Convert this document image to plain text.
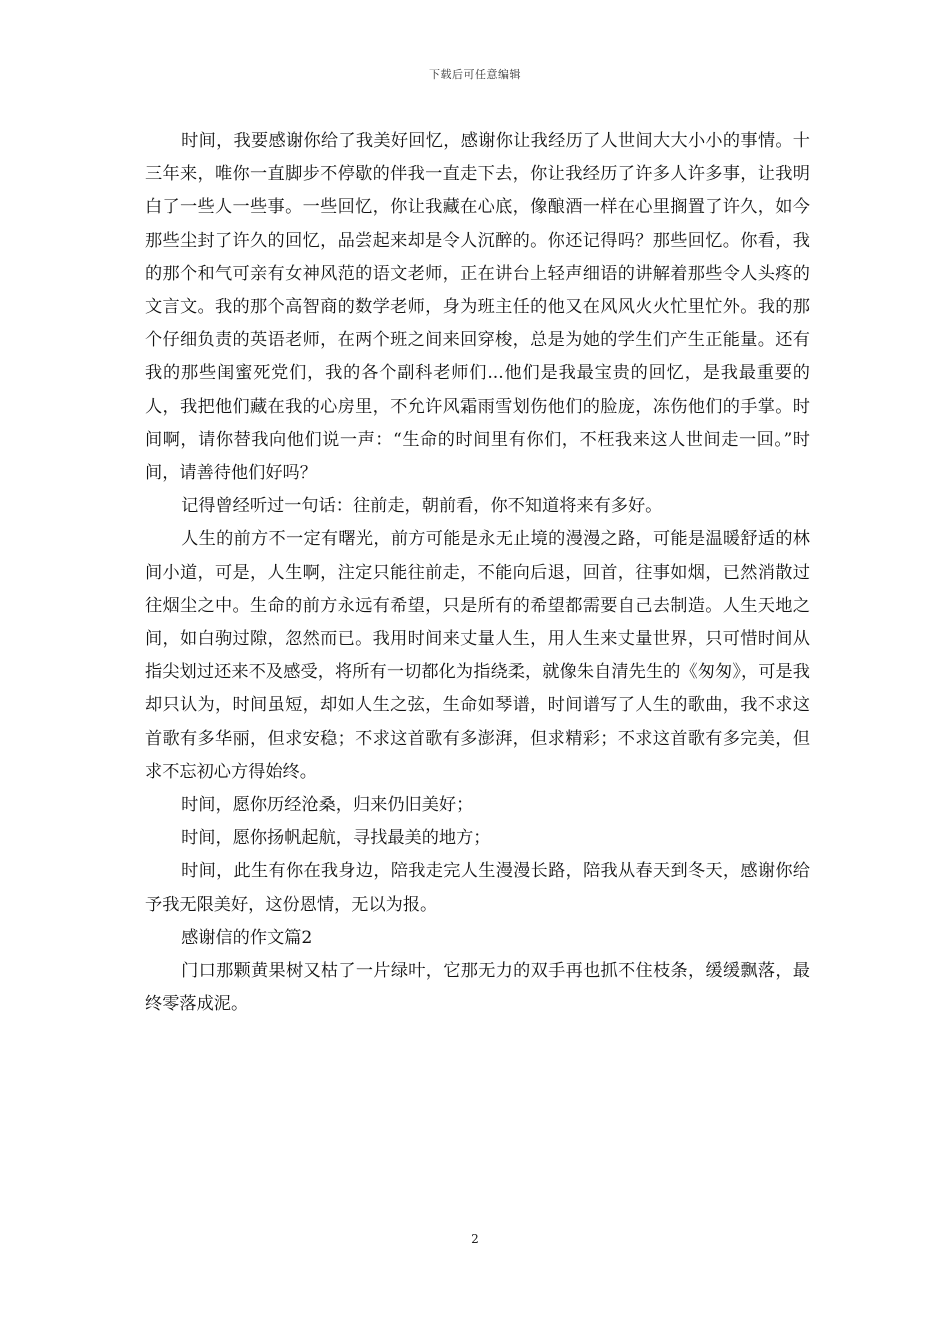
下载后可任意编辑

时间，我要感谢你给了我美好回忆，感谢你让我经历了人世间大大小小的事情。十三年来，唯你一直脚步不停歇的伴我一直走下去，你让我经历了许多人许多事，让我明白了一些人一些事。一些回忆，你让我藏在心底，像酿酒一样在心里搁置了许久，如今那些尘封了许久的回忆，品尝起来却是令人沉醉的。你还记得吗？那些回忆。你看，我的那个和气可亲有女神风范的语文老师，正在讲台上轻声细语的讲解着那些令人头疼的文言文。我的那个高智商的数学老师，身为班主任的他又在风风火火忙里忙外。我的那个仔细负责的英语老师，在两个班之间来回穿梭，总是为她的学生们产生正能量。还有我的那些闺蜜死党们，我的各个副科老师们...他们是我最宝贵的回忆，是我最重要的人，我把他们藏在我的心房里，不允许风霜雨雪划伤他们的脸庞，冻伤他们的手掌。时间啊，请你替我向他们说一声：“生命的时间里有你们，不枉我来这人世间走一回。”时间，请善待他们好吗？

记得曾经听过一句话：往前走，朝前看，你不知道将来有多好。

人生的前方不一定有曙光，前方可能是永无止境的漫漫之路，可能是温暖舒适的林间小道，可是，人生啊，注定只能往前走，不能向后退，回首，往事如烟，已然消散过往烟尘之中。生命的前方永远有希望，只是所有的希望都需要自己去制造。人生天地之间，如白驹过隙，忽然而已。我用时间来丈量人生，用人生来丈量世界，只可惜时间从指尖划过还来不及感受，将所有一切都化为指绕柔，就像朱自清先生的《匆匆》，可是我却只认为，时间虽短，却如人生之弦，生命如琴谱，时间谱写了人生的歌曲，我不求这首歌有多华丽，但求安稳；不求这首歌有多澎湃，但求精彩；不求这首歌有多完美，但求不忘初心方得始终。

时间，愿你历经沧桑，归来仍旧美好；

时间，愿你扬帆起航，寻找最美的地方；

时间，此生有你在我身边，陪我走完人生漫漫长路，陪我从春天到冬天，感谢你给予我无限美好，这份恩情，无以为报。

感谢信的作文篇2

门口那颗黄果树又枯了一片绿叶，它那无力的双手再也抓不住枝条，缓缓飘落，最终零落成泥。

2
